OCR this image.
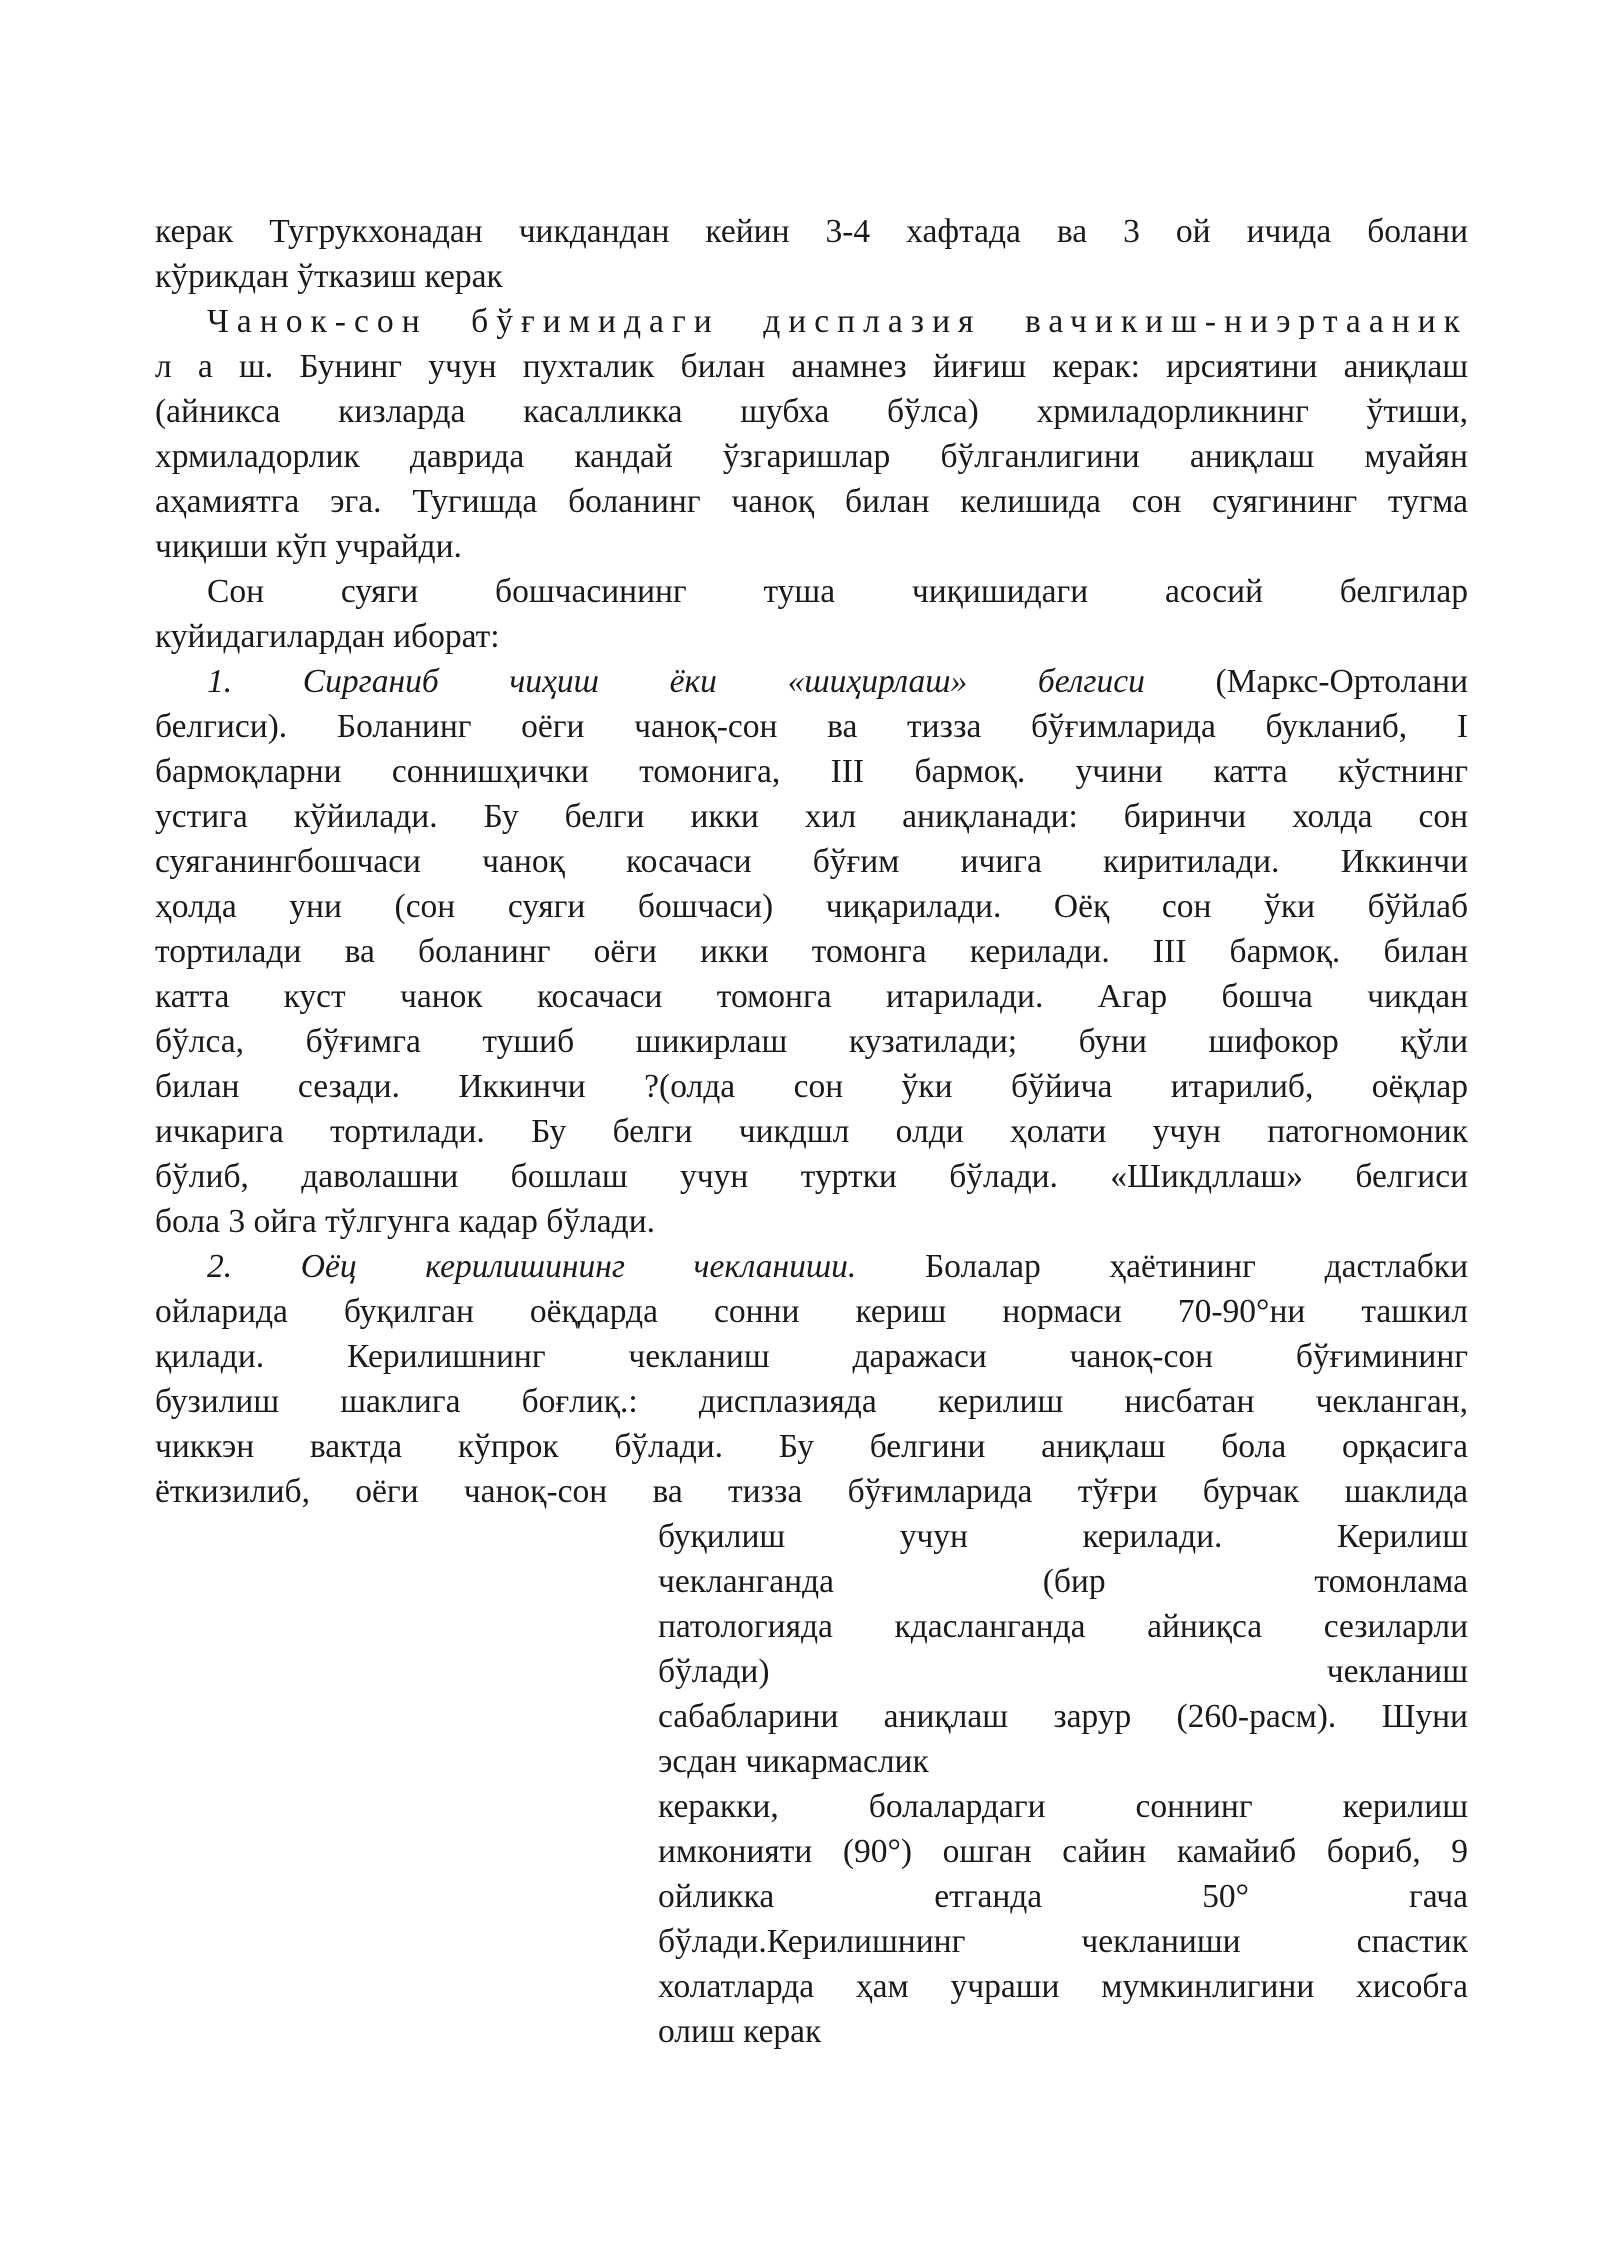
керак Тугрукхонадан чикдандан кейин 3-4 хафтада ва 3 ой ичида болани
кўрикдан ўтказиш керак
Чанок-сон бўғимидаги дисплазия вачикиш-ниэртааник
л а ш. Бунинг учун пухталик билан анамнез йиғиш керак: ирсиятини аниқлаш
(айникса кизларда касалликка шубха бўлса) хрмиладорликнинг ўтиши,
хрмиладорлик даврида кандай ўзгаришлар бўлганлигини аниқлаш муайян
аҳамиятга эга. Тугишда боланинг чаноқ билан келишида сон суягининг тугма
чиқиши кўп учрайди.
Сон суяги бошчасининг туша чиқишидаги асосий белгилар
куйидагилардан иборат:
1. Сирганиб чиҳиш ёки «шиҳирлаш» белгиси (Маркс-Ортолани
белгиси). Боланинг оёги чаноқ-сон ва тизза бўғимларида букланиб, I
бармоқларни соннишҳички томонига, III бармоқ. учини катта кўстнинг
устига кўйилади. Бу белги икки хил аниқланади: биринчи холда сон
суяганингбошчаси чаноқ косачаси бўғим ичига киритилади. Иккинчи
ҳолда уни (сон суяги бошчаси) чиқарилади. Оёқ сон ўки бўйлаб
тортилади ва боланинг оёги икки томонга керилади. III бармоқ. билан
катта куст чанок косачаси томонга итарилади. Агар бошча чикдан
бўлса, бўғимга тушиб шикирлаш кузатилади; буни шифокор қўли
билан сезади. Иккинчи ?(олда сон ўки бўйича итарилиб, оёқлар
ичкарига тортилади. Бу белги чикдшл олди ҳолати учун патогномоник
бўлиб, даволашни бошлаш учун туртки бўлади. «Шикдллаш» белгиси
бола 3 ойга тўлгунга кадар бўлади.
2. Оёц керилишининг чекланиши. Болалар ҳаётининг дастлабки
ойларида буқилган оёқдарда сонни кериш нормаси 70-90°ни ташкил
қилади. Керилишнинг чекланиш даражаси чаноқ-сон бўғимининг
бузилиш шаклига боғлиқ.: дисплазияда керилиш нисбатан чекланган,
чиккэн вактда кўпрок бўлади. Бу белгини аниқлаш бола орқасига
ёткизилиб, оёги чаноқ-сон ва тизза бўғимларида тўғри бурчак шаклида
буқилиш учун керилади. Керилиш
чекланганда (бир томонлама
патологияда кдасланганда айниқса сезиларли
бўлади) чекланиш
сабабларини аниқлаш зарур (260-расм). Шуни
эсдан чикармаслик
керакки, болалардаги соннинг керилиш
имконияти (90°) ошган сайин камайиб бориб, 9
ойликка етганда 50° гача
бўлади.Керилишнинг чекланиши спастик
холатларда ҳам учраши мумкинлигини хисобга
олиш керак
